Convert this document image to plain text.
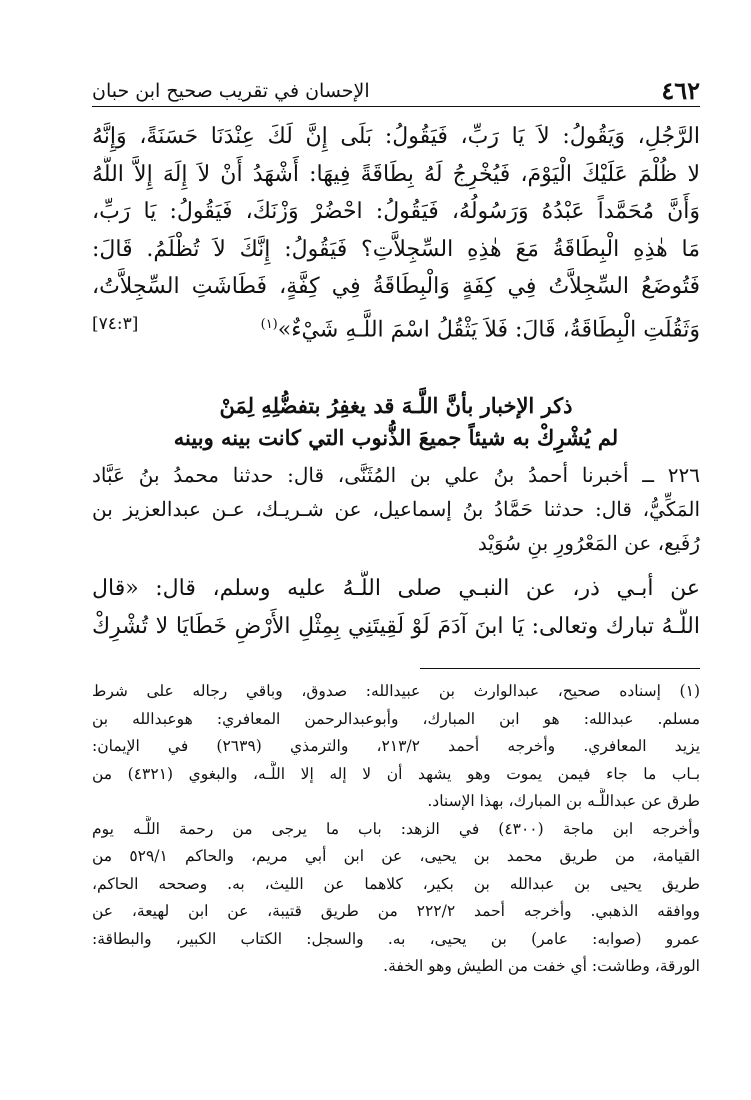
٤٦٢
الإحسان في تقريب صحيح ابن حبان
الرَّجُلِ، وَيَقُولُ: لاَ يَا رَبِّ، فَيَقُولُ: بَلَى إِنَّ لَكَ عِنْدَنَا حَسَنَةً، وَإِنَّهُ
لا ظُلْمَ عَلَيْكَ الْيَوْمَ، فَيُخْرِجُ لَهُ بِطَاقَةً فِيهَا: أَشْهَدُ أَنْ لاَ إِلَهَ إِلاَّ اللَّهُ
وَأَنَّ مُحَمَّداً عَبْدُهُ وَرَسُولُهُ، فَيَقُولُ: احْضُرْ وَزْنَكَ، فَيَقُولُ: يَا رَبِّ،
مَا هٰذِهِ الْبِطَاقَةُ مَعَ هٰذِهِ السِّجِلاَّتِ؟ فَيَقُولُ: إِنَّكَ لاَ تُظْلَمُ. قَالَ:
فَتُوضَعُ السِّجِلاَّتُ فِي كِفَةٍ وَالْبِطَاقَةُ فِي كِفَّةٍ، فَطَاشَتِ السِّجِلاَّتُ،
وَثَقُلَتِ الْبِطَاقَةُ، قَالَ: فَلاَ يَثْقُلُ اسْمَ اللَّـهِ شَيْءٌ»$^{(١)}$
[٧٤:٣]
ذكر الإخبار بأنَّ اللَّـهَ قد يغفِرُ بتفضُّلِهِ لِمَنْ
لم يُشْرِكْ به شيئاً جميعَ الذُّنوب التي كانت بينه وبينه
٢٢٦ ــ أخبرنا أحمدُ بنُ علي بن المُثَنَّى، قال: حدثنا محمدُ بنُ عَبَّاد
المَكِّيُّ، قال: حدثنا حَمَّادُ بنُ إسماعيل، عن شـريـك، عـن عبدالعزيز بن
رُفَيع، عن المَعْرُورِ بنِ سُوَيْد
عن أبـي ذر، عن النبـي صلى اللَّـهُ عليه وسلم، قال: «قال
اللَّـهُ تبارك وتعالى: يَا ابنَ آدَمَ لَوْ لَقِيتَنِي بِمِثْلِ الأَرْضِ خَطَايَا لا تُشْرِكْ
(١) إسناده صحيح، عبدالوارث بن عبيدالله: صدوق، وباقي رجاله على شرط
مسلم. عبدالله: هو ابن المبارك، وأبوعبدالرحمن المعافري: هوعبدالله بن
يزيد المعافري. وأخرجه أحمد ٢١٣/٢، والترمذي (٢٦٣٩) في الإيمان:
بـاب ما جاء فيمن يموت وهو يشهد أن لا إله إلا اللَّـه، والبغوي (٤٣٢١) من
طرق عن عبداللَّـه بن المبارك، بهذا الإسناد.
وأخرجه ابن ماجة (٤٣٠٠) في الزهد: باب ما يرجى من رحمة اللَّـه يوم
القيامة، من طريق محمد بن يحيى، عن ابن أبي مريم، والحاكم ٥٢٩/١ من
طريق يحيى بن عبدالله بن بكير، كلاهما عن الليث، به. وصححه الحاكم،
ووافقه الذهبي. وأخرجه أحمد ٢٢٢/٢ من طريق قتيبة، عن ابن لهيعة، عن
عمرو (صوابه: عامر) بن يحيى، به. والسجل: الكتاب الكبير، والبطاقة:
الورقة، وطاشت: أي خفت من الطيش وهو الخفة.
